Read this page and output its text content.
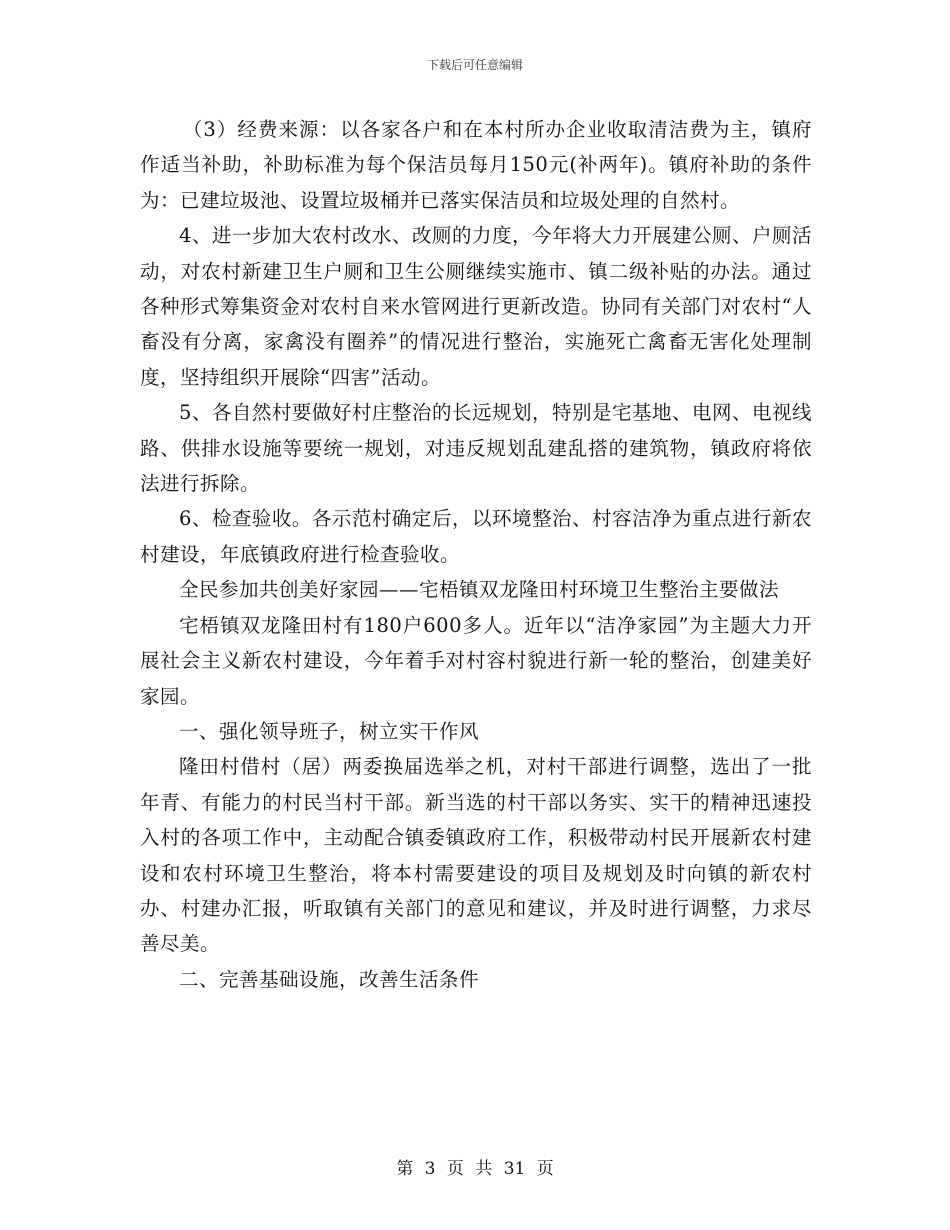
下载后可任意编辑

（3）经费来源：以各家各户和在本村所办企业收取清洁费为主，镇府作适当补助，补助标准为每个保洁员每月150元(补两年)。镇府补助的条件为：已建垃圾池、设置垃圾桶并已落实保洁员和垃圾处理的自然村。

4、进一步加大农村改水、改厕的力度，今年将大力开展建公厕、户厕活动，对农村新建卫生户厕和卫生公厕继续实施市、镇二级补贴的办法。通过各种形式筹集资金对农村自来水管网进行更新改造。协同有关部门对农村“人畜没有分离，家禽没有圈养”的情况进行整治，实施死亡禽畜无害化处理制度，坚持组织开展除“四害”活动。

5、各自然村要做好村庄整治的长远规划，特别是宅基地、电网、电视线路、供排水设施等要统一规划，对违反规划乱建乱搭的建筑物，镇政府将依法进行拆除。

6、检查验收。各示范村确定后，以环境整治、村容洁净为重点进行新农村建设，年底镇政府进行检查验收。

全民参加共创美好家园——宅梧镇双龙隆田村环境卫生整治主要做法

宅梧镇双龙隆田村有180户600多人。近年以“洁净家园”为主题大力开展社会主义新农村建设，今年着手对村容村貌进行新一轮的整治，创建美好家园。

一、强化领导班子，树立实干作风

隆田村借村（居）两委换届选举之机，对村干部进行调整，选出了一批年青、有能力的村民当村干部。新当选的村干部以务实、实干的精神迅速投入村的各项工作中，主动配合镇委镇政府工作，积极带动村民开展新农村建设和农村环境卫生整治，将本村需要建设的项目及规划及时向镇的新农村办、村建办汇报，听取镇有关部门的意见和建议，并及时进行调整，力求尽善尽美。

二、完善基础设施，改善生活条件

第 3 页 共 31 页
